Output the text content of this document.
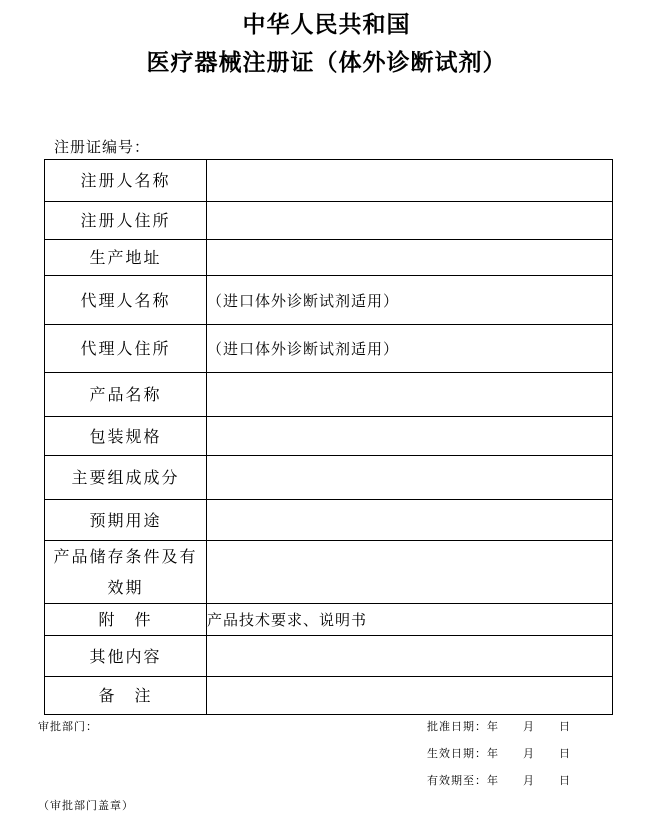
中华人民共和国
医疗器械注册证（体外诊断试剂）
注册证编号：
注册人名称	
注册人住所	
生产地址	
代理人名称	（进口体外诊断试剂适用）
代理人住所	（进口体外诊断试剂适用）
产品名称	
包装规格	
主要组成成分	
预期用途	
产品储存条件及有效期	
附　件	产品技术要求、说明书
其他内容	
备　注	
审批部门：
（审批部门盖章）
批准日期：年　　月　　日
生效日期：年　　月　　日
有效期至：年　　月　　日
